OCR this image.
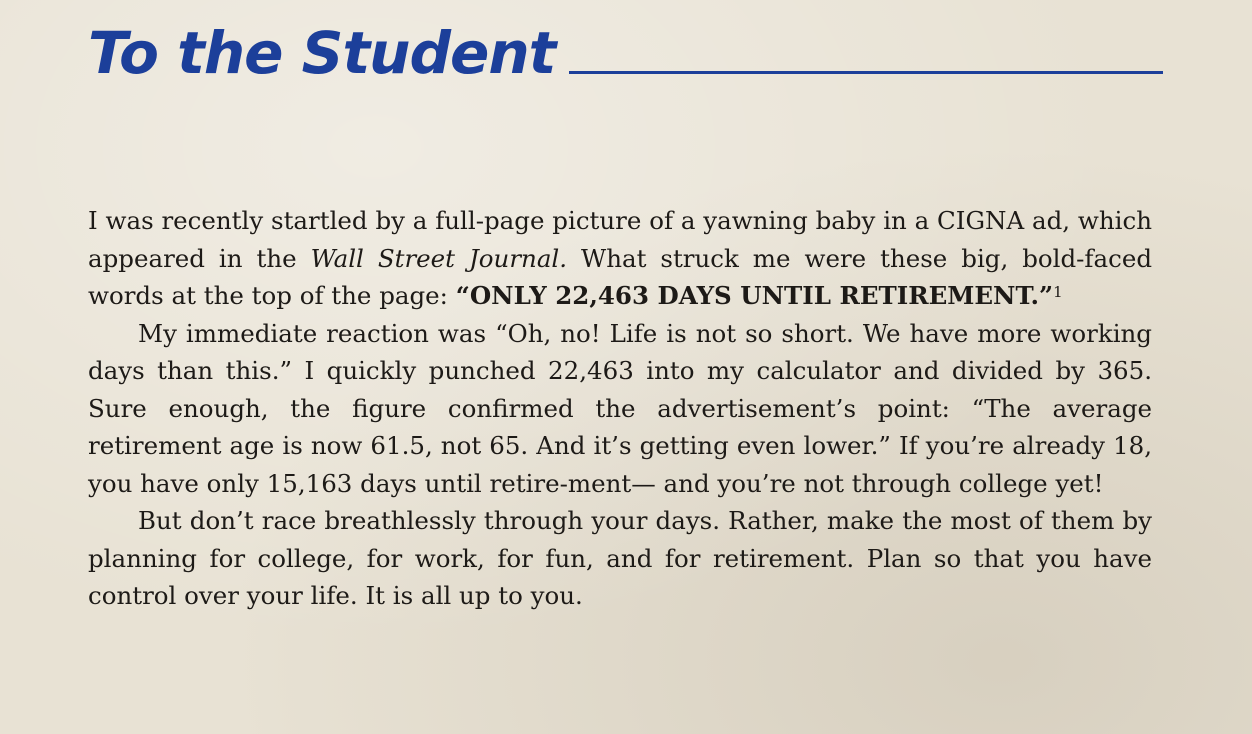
To the Student

I was recently startled by a full-page picture of a yawning baby in a CIGNA ad, which appeared in the Wall Street Journal. What struck me were these big, bold-faced words at the top of the page: “ONLY 22,463 DAYS UNTIL RETIREMENT.”$^1$

My immediate reaction was “Oh, no! Life is not so short. We have more working days than this.” I quickly punched 22,463 into my calculator and divided by 365. Sure enough, the figure confirmed the advertisement’s point: “The average retirement age is now 61.5, not 65. And it’s getting even lower.” If you’re already 18, you have only 15,163 days until retire-ment— and you’re not through college yet!

But don’t race breathlessly through your days. Rather, make the most of them by planning for college, for work, for fun, and for retirement. Plan so that you have control over your life. It is all up to you.
